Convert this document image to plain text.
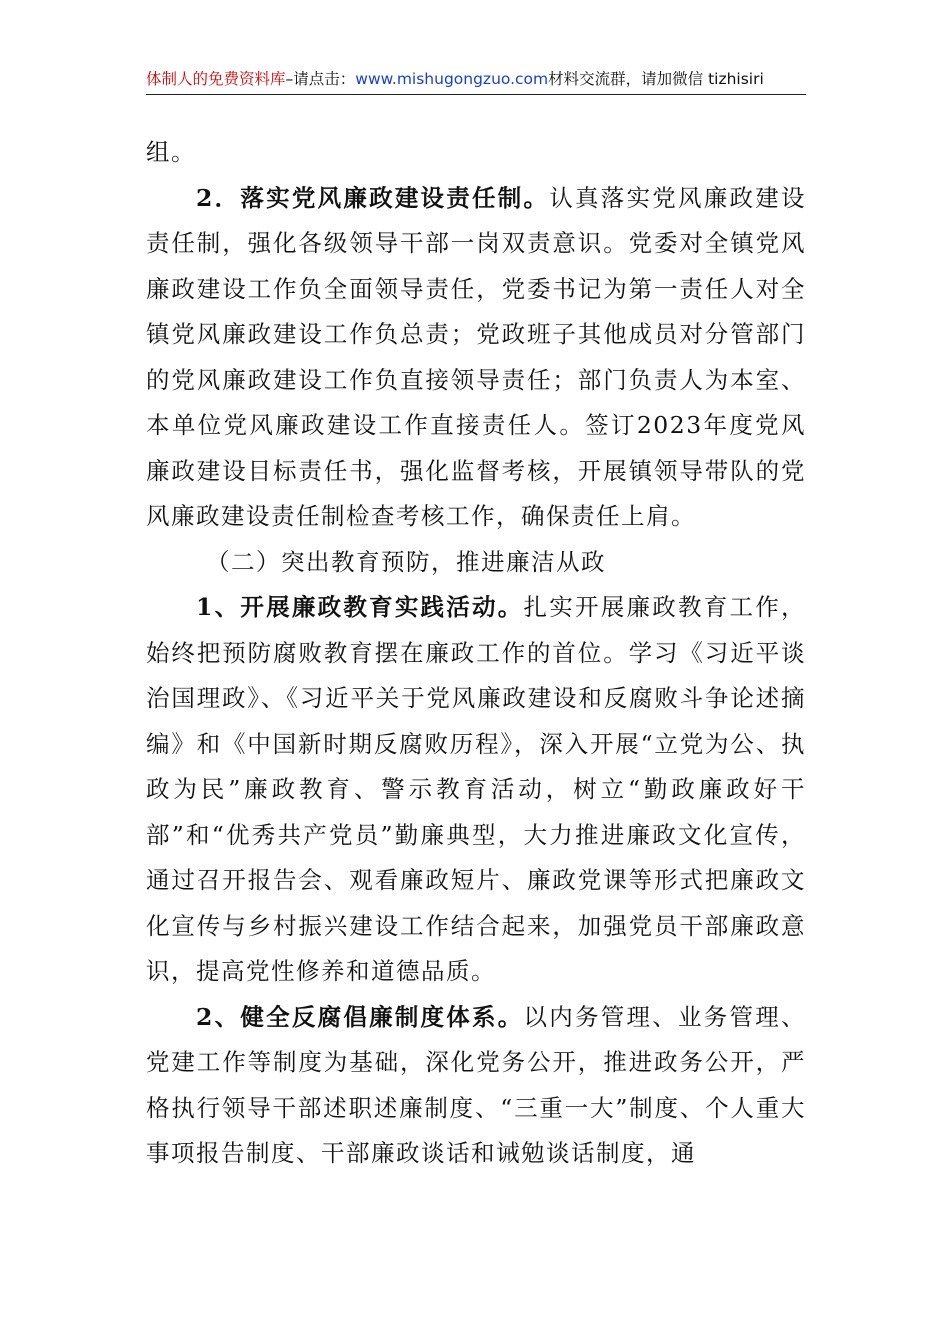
体制人的免费资料库–请点击：www.mishugongzuo.com材料交流群，请加微信 tizhisiri

组。

2．落实党风廉政建设责任制。认真落实党风廉政建设责任制，强化各级领导干部一岗双责意识。党委对全镇党风廉政建设工作负全面领导责任，党委书记为第一责任人对全镇党风廉政建设工作负总责；党政班子其他成员对分管部门的党风廉政建设工作负直接领导责任；部门负责人为本室、本单位党风廉政建设工作直接责任人。签订2023年度党风廉政建设目标责任书，强化监督考核，开展镇领导带队的党风廉政建设责任制检查考核工作，确保责任上肩。

（二）突出教育预防，推进廉洁从政

1、开展廉政教育实践活动。扎实开展廉政教育工作，始终把预防腐败教育摆在廉政工作的首位。学习《习近平谈治国理政》、《习近平关于党风廉政建设和反腐败斗争论述摘编》和《中国新时期反腐败历程》，深入开展“立党为公、执政为民”廉政教育、警示教育活动，树立“勤政廉政好干部”和“优秀共产党员”勤廉典型，大力推进廉政文化宣传，通过召开报告会、观看廉政短片、廉政党课等形式把廉政文化宣传与乡村振兴建设工作结合起来，加强党员干部廉政意识，提高党性修养和道德品质。

2、健全反腐倡廉制度体系。以内务管理、业务管理、党建工作等制度为基础，深化党务公开，推进政务公开，严格执行领导干部述职述廉制度、“三重一大”制度、个人重大事项报告制度、干部廉政谈话和诫勉谈话制度，通
